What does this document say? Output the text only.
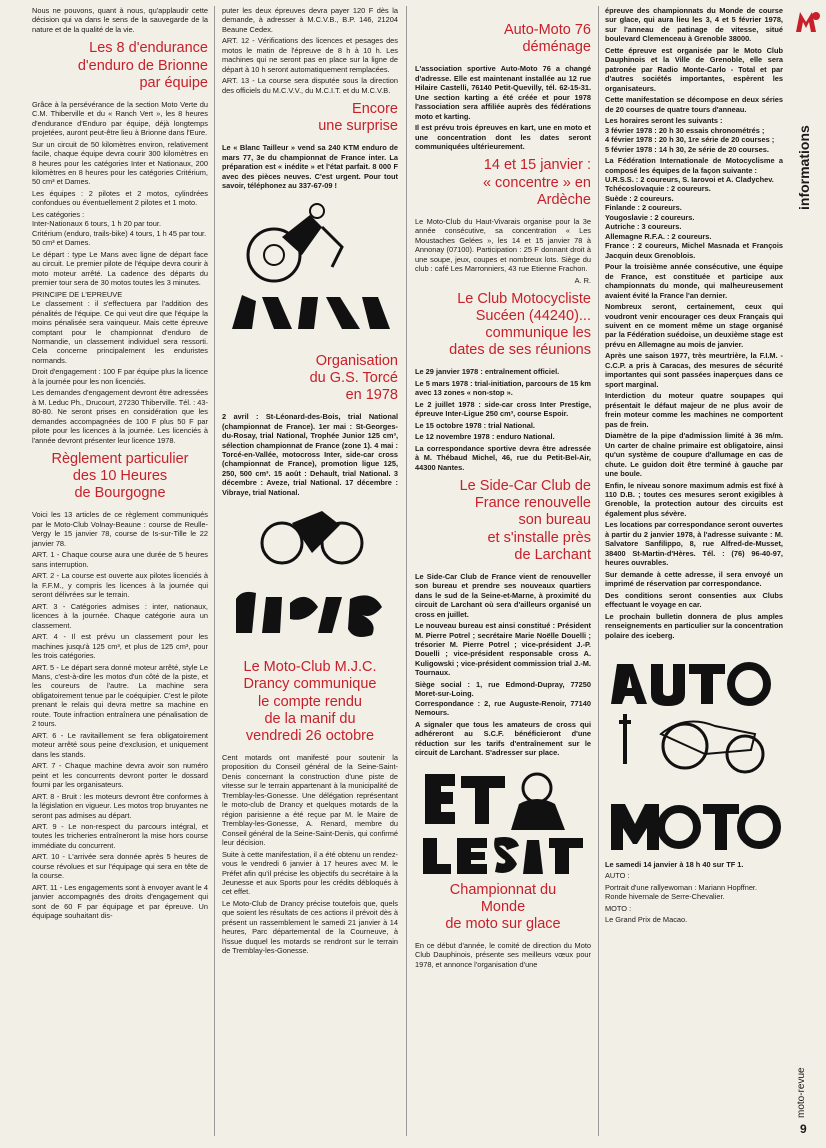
Nous ne pouvons, quant à nous, qu'applaudir cette décision qui va dans le sens de la sauvegarde de la nature et de la qualité de la vie.

Les 8 d'endurance
d'enduro de Brionne
par équipe

Grâce à la persévérance de la section Moto Verte du C.M. Thiberville et du « Ranch Vert », les 8 heures d'endurance d'Enduro par équipe, déjà longtemps projetées, auront peut-être lieu à Brionne dans l'Eure.

Sur un circuit de 50 kilomètres environ, relativement facile, chaque équipe devra courir 300 kilomètres en 8 heures pour les catégories Inter et Nationaux, 200 kilomètres en 8 heures pour les catégories Critérium, 50 cm³ et Dames.

Les équipes : 2 pilotes et 2 motos, cylindrées confondues ou éventuellement 2 pilotes et 1 moto.

Les catégories :
Inter-Nationaux 6 tours, 1 h 20 par tour.
Critérium (enduro, trails-bike) 4 tours, 1 h 45 par tour.
50 cm³ et Dames.

Le départ : type Le Mans avec ligne de départ face au circuit. Le premier pilote de l'équipe devra courir à moto moteur arrêté. La cadence des départs du premier tour sera de 30 motos toutes les 3 minutes.

PRINCIPE DE L'EPREUVE
Le classement : il s'effectuera par l'addition des pénalités de l'équipe. Ce qui veut dire que l'équipe la moins pénalisée sera vainqueur. Mais cette épreuve comptant pour le championnat d'enduro de Normandie, un classement individuel sera ressorti. Cela concerne principalement les enduristes normands.

Droit d'engagement : 100 F par équipe plus la licence à la journée pour les non licenciés.

Les demandes d'engagement devront être adressées à M. Leduc Ph., Drucourt, 27230 Thiberville. Tél. : 43-80-80. Ne seront prises en considération que les demandes accompagnées de 100 F plus 50 F par pilote pour les licences à la journée. Les licenciés à l'année devront présenter leur licence 1978.

Règlement particulier
des 10 Heures
de Bourgogne

Voici les 13 articles de ce règlement communiqués par le Moto-Club Volnay-Beaune : course de Reulle-Vergy le 15 janvier 78, course de Is-sur-Tille le 22 janvier 78.

ART. 1 - Chaque course aura une durée de 5 heures sans interruption.

ART. 2 - La course est ouverte aux pilotes licenciés à la F.F.M., y compris les licences à la journée qui seront délivrées sur le terrain.

ART. 3 - Catégories admises : inter, nationaux, licences à la journée. Chaque catégorie aura un classement.

ART. 4 - Il est prévu un classement pour les machines jusqu'à 125 cm³, et plus de 125 cm³, pour les trois catégories.

ART. 5 - Le départ sera donné moteur arrêté, style Le Mans, c'est-à-dire les motos d'un côté de la piste, et les coureurs de l'autre. La machine sera obligatoirement tenue par le coéquipier. C'est le pilote prenant le relais qui devra mettre sa machine en route. Toute infraction entraînera une pénalisation de 2 tours.

ART. 6 - Le ravitaillement se fera obligatoirement moteur arrêté sous peine d'exclusion, et uniquement dans les stands.

ART. 7 - Chaque machine devra avoir son numéro peint et les concurrents devront porter le dossard fourni par les organisateurs.

ART. 8 - Bruit : les moteurs devront être conformes à la législation en vigueur. Les motos trop bruyantes ne seront pas admises au départ.

ART. 9 - Le non-respect du parcours intégral, et toutes les tricheries entraîneront la mise hors course immédiate du concurrent.

ART. 10 - L'arrivée sera donnée après 5 heures de course révolues et sur l'équipage qui sera en tête de la course.

ART. 11 - Les engagements sont à envoyer avant le 4 janvier accompagnés des droits d'engagement qui sont de 60 F par équipage et par épreuve. Un équipage souhaitant dis-

puter les deux épreuves devra payer 120 F dès la demande, à adresser à M.C.V.B., B.P. 146, 21204 Beaune Cedex.

ART. 12 - Vérifications des licences et pesages des motos le matin de l'épreuve de 8 h à 10 h. Les machines qui ne seront pas en place sur la ligne de départ à 10 h seront automatiquement remplacées.

ART. 13 - La course sera disputée sous la direction des officiels du M.C.V.V., du M.C.I.T. et du M.C.V.B.

Encore
une surprise

Le « Blanc Tailleur » vend sa 240 KTM enduro de mars 77, 3e du championnat de France inter. La préparation est « inédite » et l'état parfait. 8 000 F avec des pièces neuves. C'est urgent. Pour tout savoir, téléphonez au 337-67-09 !

Organisation
du G.S. Torcé
en 1978

2 avril : St-Léonard-des-Bois, trial National (championnat de France). 1er mai : St-Georges-du-Rosay, trial National, Trophée Junior 125 cm³, sélection championnat de France (zone 1). 4 mai : Torcé-en-Vallée, motocross Inter, side-car cross (championnat de France), promotion ligue 125, 250, 500 cm³. 15 août : Dehault, trial National. 3 décembre : Aveze, trial National. 17 décembre : Vibraye, trial National.

Le Moto-Club M.J.C.
Drancy communique
le compte rendu
de la manif du
vendredi 26 octobre

Cent motards ont manifesté pour soutenir la proposition du Conseil général de la Seine-Saint-Denis concernant la construction d'une piste de vitesse sur le terrain appartenant à la municipalité de Tremblay-les-Gonesse. Une délégation représentant le moto-club de Drancy et quelques motards de la région parisienne a été reçue par M. le Maire de Tremblay-les-Gonesse, A. Renard, membre du Conseil général de la Seine-Saint-Denis, qui confirmé leur décision.

Suite à cette manifestation, il a été obtenu un rendez-vous le vendredi 6 janvier à 17 heures avec M. le Préfet afin qu'il précise les objectifs du secrétaire à la Jeunesse et aux Sports pour les crédits débloqués à cet effet.

Le Moto-Club de Drancy précise toutefois que, quels que soient les résultats de ces actions il prévoit dès à présent un rassemblement le samedi 21 janvier à 14 heures, Parc départemental de la Courneuve, à l'issue duquel les motards se rendront sur le terrain de Tremblay-les-Gonesse.

Auto-Moto 76
déménage

L'association sportive Auto-Moto 76 a changé d'adresse. Elle est maintenant installée au 12 rue Hilaire Castelli, 76140 Petit-Quevilly, tél. 62-15-31. Une section karting a été créée et pour 1978 l'association sera affiliée auprès des fédérations moto et karting.

Il est prévu trois épreuves en kart, une en moto et une concentration dont les dates seront communiquées ultérieurement.

14 et 15 janvier :
« concentre » en
Ardèche

Le Moto-Club du Haut-Vivarais organise pour la 3e année consécutive, sa concentration « Les Moustaches Gelées », les 14 et 15 janvier 78 à Annonay (07100). Participation : 25 F donnant droit à une soupe, jeux, coupes et nombreux lots. Siège du club : café Les Marronniers, 43 rue Etienne Frachon.

A. R.

Le Club Motocycliste
Sucéen (44240)...
communique les
dates de ses réunions

Le 29 janvier 1978 : entraînement officiel.

Le 5 mars 1978 : trial-initiation, parcours de 15 km avec 13 zones « non-stop ».

Le 2 juillet 1978 : side-car cross Inter Prestige, épreuve Inter-Ligue 250 cm³, course Espoir.

Le 15 octobre 1978 : trial National.

Le 12 novembre 1978 : enduro National.

La correspondance sportive devra être adressée à M. Thébaud Michel, 46, rue du Petit-Bel-Air, 44300 Nantes.

Le Side-Car Club de
France renouvelle
son bureau
et s'installe près
de Larchant

Le Side-Car Club de France vient de renouveller son bureau et prendre ses nouveaux quartiers dans le sud de la Seine-et-Marne, à proximité du circuit de Larchant où sera d'ailleurs organisé un cross en juillet.

Le nouveau bureau est ainsi constitué : Président M. Pierre Potrel ; secrétaire Marie Noëlle Douelli ; trésorier M. Pierre Potrel ; vice-président J.-P. Douelli ; vice-président responsable cross A. Kuligowski ; vice-président commission trial J.-M. Tournaux.

Siège social : 1, rue Edmond-Dupray, 77250 Moret-sur-Loing.
Correspondance : 2, rue Auguste-Renoir, 77140 Nemours.

A signaler que tous les amateurs de cross qui adhéreront au S.C.F. bénéficieront d'une réduction sur les tarifs d'entraînement sur le circuit de Larchant. S'adresser sur place.

Championnat du
Monde
de moto sur glace

En ce début d'année, le comité de direction du Moto Club Dauphinois, présente ses meilleurs vœux pour 1978, et annonce l'organisation d'une

épreuve des championnats du Monde de course sur glace, qui aura lieu les 3, 4 et 5 février 1978, sur l'anneau de patinage de vitesse, situé boulevard Clemenceau à Grenoble 38000.

Cette épreuve est organisée par le Moto Club Dauphinois et la Ville de Grenoble, elle sera patronée par Radio Monte-Carlo - Total et par d'autres sociétés importantes, espèrent les organisateurs.

Cette manifestation se décompose en deux séries de 20 courses de quatre tours d'anneau.

Les horaires seront les suivants :
3 février 1978 : 20 h 30 essais chronométrés ;
4 février 1978 : 20 h 30, 1re série de 20 courses ;
5 février 1978 : 14 h 30, 2e série de 20 courses.

La Fédération Internationale de Motocyclisme a composé les équipes de la façon suivante :
U.R.S.S. : 2 coureurs, S. Iarovoi et A. Cladychev.
Tchécoslovaquie : 2 coureurs.
Suède : 2 coureurs.
Finlande : 2 coureurs.
Yougoslavie : 2 coureurs.
Autriche : 3 coureurs.
Allemagne R.F.A. : 2 coureurs.
France : 2 coureurs, Michel Masnada et François Jacquin deux Grenoblois.

Pour la troisième année consécutive, une équipe de France, est constituée et participe aux championnats du monde, qui malheureusement avaient évité la France l'an dernier.

Nombreux seront, certainement, ceux qui voudront venir encourager ces deux Français qui suivent en ce moment même un stage organisé par la Fédération suédoise, un deuxième stage est prévu en Allemagne au mois de janvier.

Après une saison 1977, très meurtrière, la F.I.M. - C.C.P. a pris à Caracas, des mesures de sécurité importantes qui sont passées inaperçues dans ce sport marginal.

Interdiction du moteur quatre soupapes qui présentait le défaut majeur de ne plus avoir de frein moteur comme les machines ne comportent pas de frein.

Diamètre de la pipe d'admission limité à 36 m/m. Un carter de chaîne primaire est obligatoire, ainsi qu'un système de coupure d'allumage en cas de chute. Le guidon doit être terminé à gauche par une boule.

Enfin, le niveau sonore maximum admis est fixé à 110 D.B. ; toutes ces mesures seront exigibles à Grenoble, la protection autour des circuits est également plus sévère.

Les locations par correspondance seront ouvertes à partir du 2 janvier 1978, à l'adresse suivante : M. Salvatore Sanfilippo, 8, rue Alfred-de-Musset, 38400 St-Martin-d'Hères. Tél. : (76) 96-40-97, heures ouvrables.

Sur demande à cette adresse, il sera envoyé un imprimé de réservation par correspondance.

Des conditions seront consenties aux Clubs effectuant le voyage en car.

Le prochain bulletin donnera de plus amples renseignements en particulier sur la concentration polaire des iceberg.

Le samedi 14 janvier à 18 h 40 sur TF 1.

AUTO :

Portrait d'une rallyewoman : Mariann Hopffner.
Ronde hivernale de Serre-Chevalier.

MOTO :

Le Grand Prix de Macao.

informations
moto-revue
9
